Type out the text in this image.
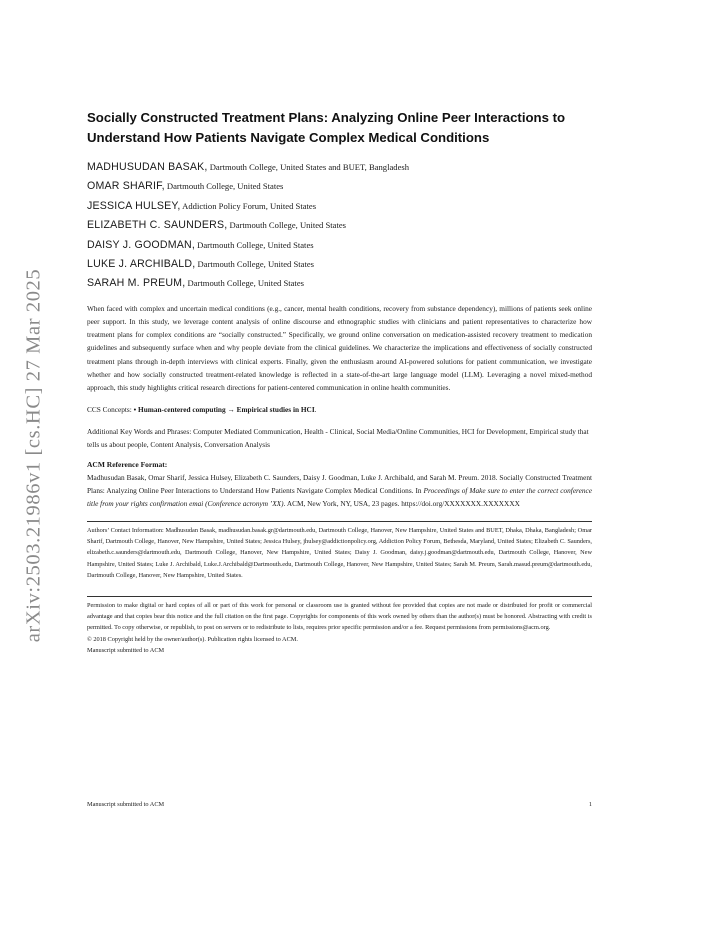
arXiv:2503.21986v1 [cs.HC] 27 Mar 2025
Socially Constructed Treatment Plans: Analyzing Online Peer Interactions to Understand How Patients Navigate Complex Medical Conditions
MADHUSUDAN BASAK, Dartmouth College, United States and BUET, Bangladesh
OMAR SHARIF, Dartmouth College, United States
JESSICA HULSEY, Addiction Policy Forum, United States
ELIZABETH C. SAUNDERS, Dartmouth College, United States
DAISY J. GOODMAN, Dartmouth College, United States
LUKE J. ARCHIBALD, Dartmouth College, United States
SARAH M. PREUM, Dartmouth College, United States

When faced with complex and uncertain medical conditions (e.g., cancer, mental health conditions, recovery from substance dependency), millions of patients seek online peer support. In this study, we leverage content analysis of online discourse and ethnographic studies with clinicians and patient representatives to characterize how treatment plans for complex conditions are “socially constructed.” Specifically, we ground online conversation on medication-assisted recovery treatment to medication guidelines and subsequently surface when and why people deviate from the clinical guidelines. We characterize the implications and effectiveness of socially constructed treatment plans through in-depth interviews with clinical experts. Finally, given the enthusiasm around AI-powered solutions for patient communication, we investigate whether and how socially constructed treatment-related knowledge is reflected in a state-of-the-art large language model (LLM). Leveraging a novel mixed-method approach, this study highlights critical research directions for patient-centered communication in online health communities.

CCS Concepts: • Human-centered computing → Empirical studies in HCI.

Additional Key Words and Phrases: Computer Mediated Communication, Health - Clinical, Social Media/Online Communities, HCI for Development, Empirical study that tells us about people, Content Analysis, Conversation Analysis

ACM Reference Format:

Madhusudan Basak, Omar Sharif, Jessica Hulsey, Elizabeth C. Saunders, Daisy J. Goodman, Luke J. Archibald, and Sarah M. Preum. 2018. Socially Constructed Treatment Plans: Analyzing Online Peer Interactions to Understand How Patients Navigate Complex Medical Conditions. In Proceedings of Make sure to enter the correct conference title from your rights confirmation emai (Conference acronym ’XX). ACM, New York, NY, USA, 23 pages. https://doi.org/XXXXXXX.XXXXXXX

Authors’ Contact Information: Madhusudan Basak, madhusudan.basak.gr@dartmouth.edu, Dartmouth College, Hanover, New Hampshire, United States and BUET, Dhaka, Dhaka, Bangladesh; Omar Sharif, Dartmouth College, Hanover, New Hampshire, United States; Jessica Hulsey, jhulsey@addictionpolicy.org, Addiction Policy Forum, Bethesda, Maryland, United States; Elizabeth C. Saunders, elizabeth.c.saunders@dartmouth.edu, Dartmouth College, Hanover, New Hampshire, United States; Daisy J. Goodman, daisy.j.goodman@dartmouth.edu, Dartmouth College, Hanover, New Hampshire, United States; Luke J. Archibald, Luke.J.Archibald@Dartmouth.edu, Dartmouth College, Hanover, New Hampshire, United States; Sarah M. Preum, Sarah.masud.preum@dartmouth.edu, Dartmouth College, Hanover, New Hampshire, United States.

Permission to make digital or hard copies of all or part of this work for personal or classroom use is granted without fee provided that copies are not made or distributed for profit or commercial advantage and that copies bear this notice and the full citation on the first page. Copyrights for components of this work owned by others than the author(s) must be honored. Abstracting with credit is permitted. To copy otherwise, or republish, to post on servers or to redistribute to lists, requires prior specific permission and/or a fee. Request permissions from permissions@acm.org.

© 2018 Copyright held by the owner/author(s). Publication rights licensed to ACM.

Manuscript submitted to ACM

Manuscript submitted to ACM	1
